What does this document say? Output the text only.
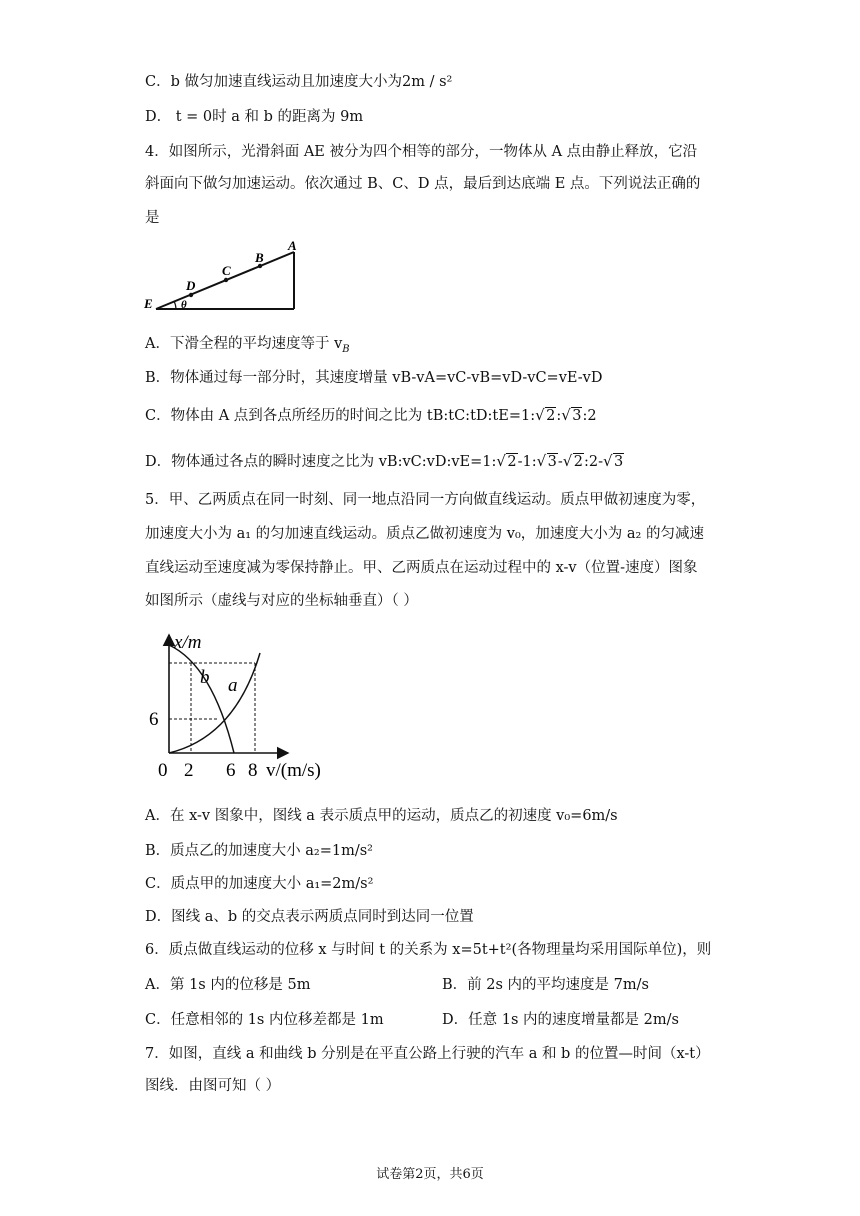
C．b 做匀加速直线运动且加速度大小为2m / s²
D． t = 0时 a 和 b 的距离为 9m
4．如图所示，光滑斜面 AE 被分为四个相等的部分，一物体从 A 点由静止释放，它沿
斜面向下做匀加速运动。依次通过 B、C、D 点，最后到达底端 E 点。下列说法正确的
是
A
B
C
D
E	θ
A．下滑全程的平均速度等于 $v_B$
B．物体通过每一部分时，其速度增量 vB-vA=vC-vB=vD-vC=vE-vD
C．物体由 A 点到各点所经历的时间之比为 tB:tC:tD:tE=1: √ 2: √ 3:2
D．物体通过各点的瞬时速度之比为 vB:vC:vD:vE=1: √ 2-1: √ 3- √ 2:2- √ 3
5．甲、乙两质点在同一时刻、同一地点沿同一方向做直线运动。质点甲做初速度为零，
加速度大小为 a₁ 的匀加速直线运动。质点乙做初速度为 v₀，加速度大小为 a₂ 的匀减速
直线运动至速度减为零保持静止。甲、乙两质点在运动过程中的 x-v（位置-速度）图象
如图所示（虚线与对应的坐标轴垂直）（ ）
x/m
b a
6
0 2 6 8 v/(m/s)
A．在 x-v 图象中，图线 a 表示质点甲的运动，质点乙的初速度 v₀=6m/s
B．质点乙的加速度大小 a₂=1m/s²
C．质点甲的加速度大小 a₁=2m/s²
D．图线 a、b 的交点表示两质点同时到达同一位置
6．质点做直线运动的位移 x 与时间 t 的关系为 x=5t+t²(各物理量均采用国际单位)，则
A．第 1s 内的位移是 5m	B．前 2s 内的平均速度是 7m/s
C．任意相邻的 1s 内位移差都是 1m	D．任意 1s 内的速度增量都是 2m/s
7．如图，直线 a 和曲线 b 分别是在平直公路上行驶的汽车 a 和 b 的位置—时间（x-t）
图线．由图可知（ ）
试卷第2页，共6页
